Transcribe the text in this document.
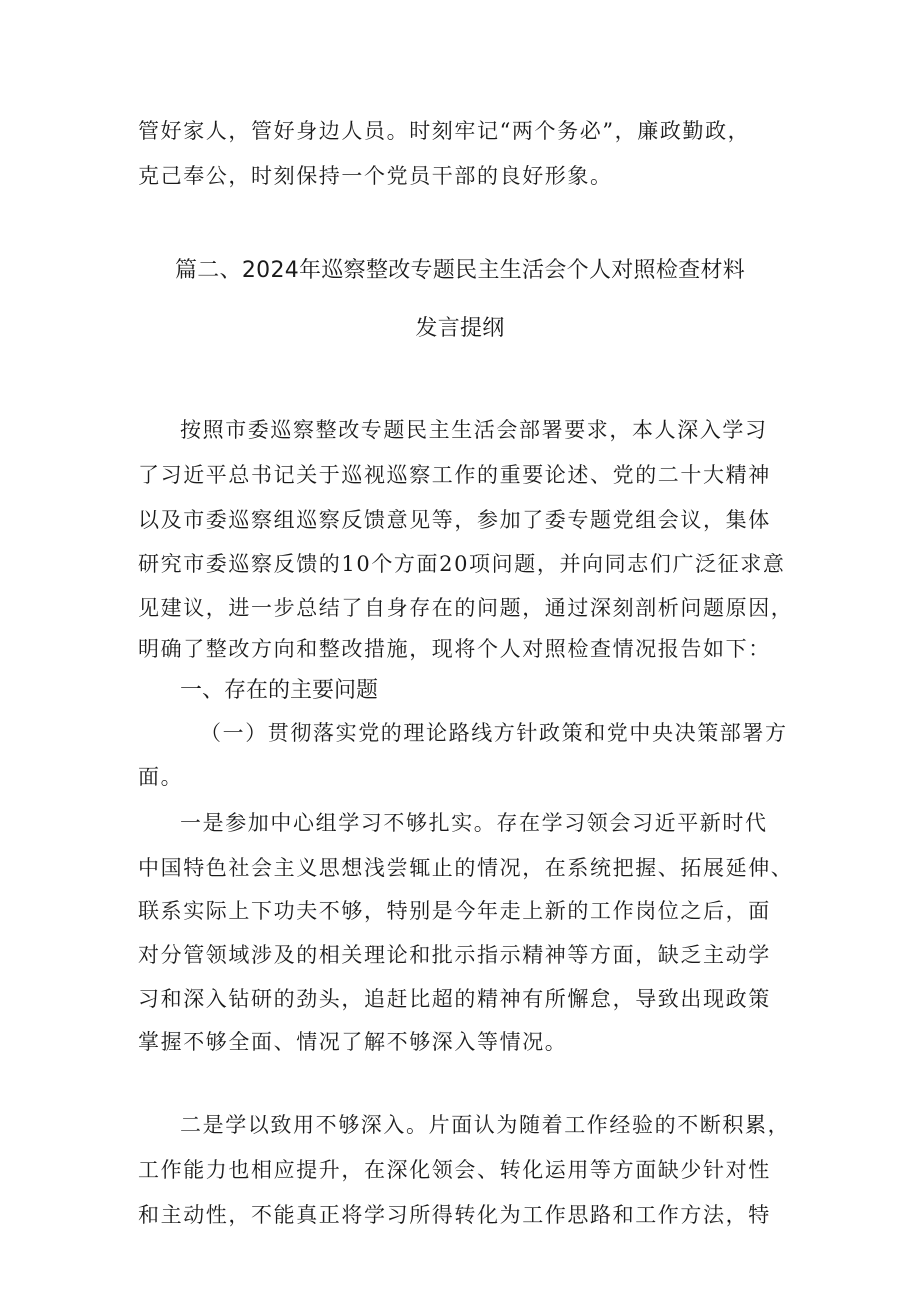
管好家人，管好身边人员。时刻牢记“两个务必”，廉政勤政，
克己奉公，时刻保持一个党员干部的良好形象。
篇二、2024年巡察整改专题民主生活会个人对照检查材料
发言提纲
按照市委巡察整改专题民主生活会部署要求，本人深入学习
了习近平总书记关于巡视巡察工作的重要论述、党的二十大精神
以及市委巡察组巡察反馈意见等，参加了委专题党组会议，集体
研究市委巡察反馈的10个方面20项问题，并向同志们广泛征求意
见建议，进一步总结了自身存在的问题，通过深刻剖析问题原因，
明确了整改方向和整改措施，现将个人对照检查情况报告如下：
一、存在的主要问题
（一）贯彻落实党的理论路线方针政策和党中央决策部署方
面。
一是参加中心组学习不够扎实。存在学习领会习近平新时代
中国特色社会主义思想浅尝辄止的情况，在系统把握、拓展延伸、
联系实际上下功夫不够，特别是今年走上新的工作岗位之后，面
对分管领域涉及的相关理论和批示指示精神等方面，缺乏主动学
习和深入钻研的劲头，追赶比超的精神有所懈怠，导致出现政策
掌握不够全面、情况了解不够深入等情况。
二是学以致用不够深入。片面认为随着工作经验的不断积累，
工作能力也相应提升，在深化领会、转化运用等方面缺少针对性
和主动性，不能真正将学习所得转化为工作思路和工作方法，特
